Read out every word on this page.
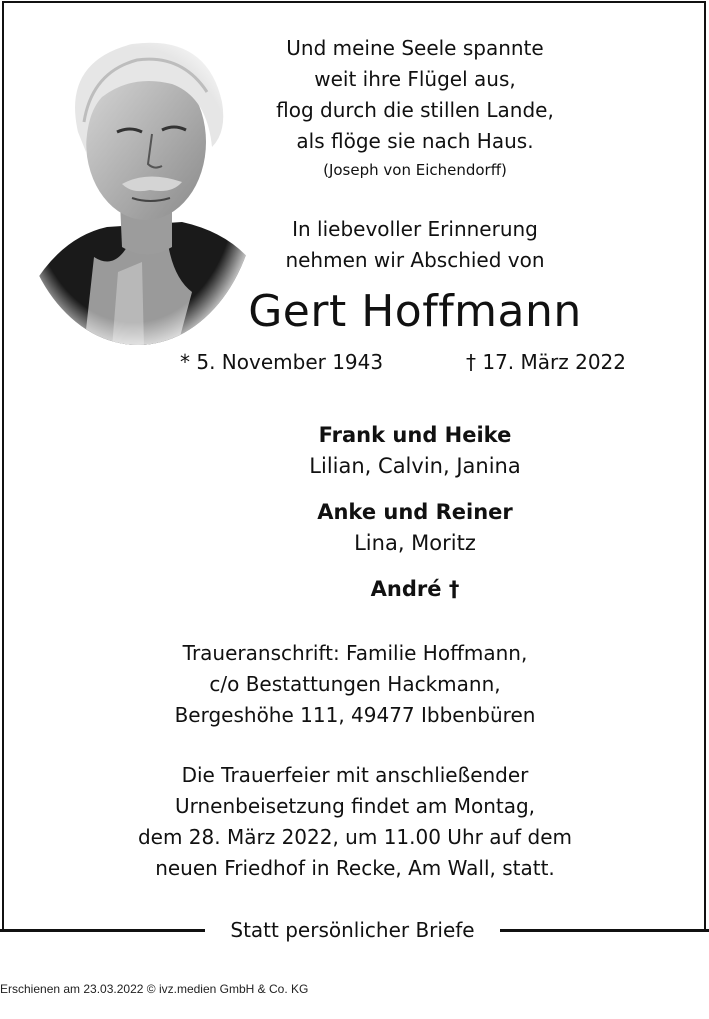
Und meine Seele spannte
weit ihre Flügel aus,
flog durch die stillen Lande,
als flöge sie nach Haus.
(Joseph von Eichendorff)
In liebevoller Erinnerung
nehmen wir Abschied von
Gert Hoffmann
* 5. November 1943	† 17. März 2022
Frank und Heike
Lilian, Calvin, Janina
Anke und Reiner
Lina, Moritz
André †
Traueranschrift: Familie Hoffmann,
c/o Bestattungen Hackmann,
Bergeshöhe 111, 49477 Ibbenbüren
Die Trauerfeier mit anschließender
Urnenbeisetzung findet am Montag,
dem 28. März 2022, um 11.00 Uhr auf dem
neuen Friedhof in Recke, Am Wall, statt.
Statt persönlicher Briefe
Erschienen am 23.03.2022 © ivz.medien GmbH & Co. KG
